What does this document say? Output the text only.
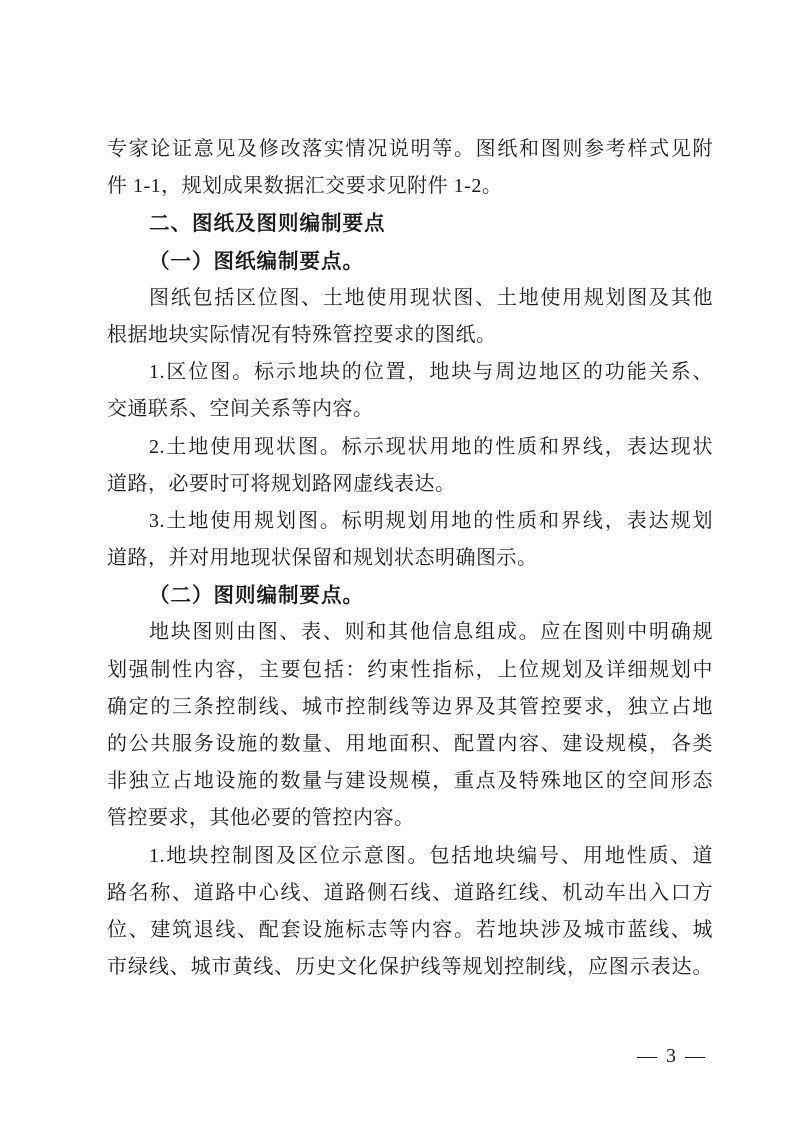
专家论证意见及修改落实情况说明等。图纸和图则参考样式见附
件 1-1，规划成果数据汇交要求见附件 1-2。
二、图纸及图则编制要点
（一）图纸编制要点。
图纸包括区位图、土地使用现状图、土地使用规划图及其他
根据地块实际情况有特殊管控要求的图纸。
1.区位图。标示地块的位置，地块与周边地区的功能关系、
交通联系、空间关系等内容。
2.土地使用现状图。标示现状用地的性质和界线，表达现状
道路，必要时可将规划路网虚线表达。
3.土地使用规划图。标明规划用地的性质和界线，表达规划
道路，并对用地现状保留和规划状态明确图示。
（二）图则编制要点。
地块图则由图、表、则和其他信息组成。应在图则中明确规
划强制性内容，主要包括：约束性指标，上位规划及详细规划中
确定的三条控制线、城市控制线等边界及其管控要求，独立占地
的公共服务设施的数量、用地面积、配置内容、建设规模，各类
非独立占地设施的数量与建设规模，重点及特殊地区的空间形态
管控要求，其他必要的管控内容。
1.地块控制图及区位示意图。包括地块编号、用地性质、道
路名称、道路中心线、道路侧石线、道路红线、机动车出入口方
位、建筑退线、配套设施标志等内容。若地块涉及城市蓝线、城
市绿线、城市黄线、历史文化保护线等规划控制线，应图示表达。
— 3 —
